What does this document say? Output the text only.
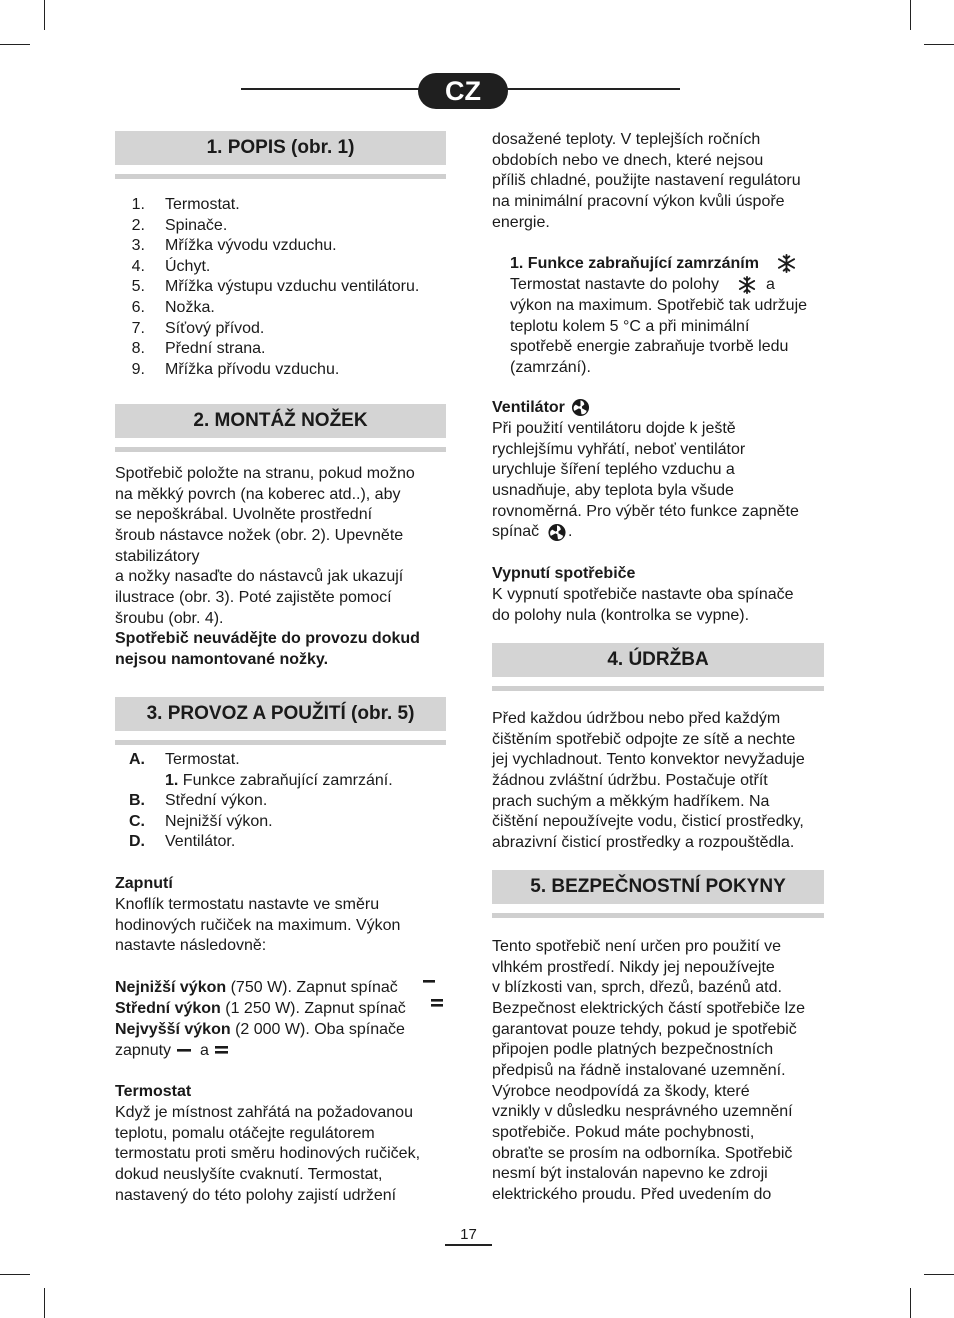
CZ
1. POPIS (obr. 1)
1. Termostat.
2. Spinače.
3. Mřížka vývodu vzduchu.
4. Úchyt.
5. Mřížka výstupu vzduchu ventilátoru.
6. Nožka.
7. Síťový přívod.
8. Přední strana.
9. Mřížka přívodu vzduchu.
2. MONTÁŽ NOŽEK
Spotřebič položte na stranu, pokud možno
na měkký povrch (na koberec atd..), aby
se nepoškrábal. Uvolněte prostřední
šroub nástavce nožek (obr. 2). Upevněte
stabilizátory
a nožky nasaďte do nástavců jak ukazují
ilustrace (obr. 3). Poté zajistěte pomocí
šroubu (obr. 4).
Spotřebič neuvádějte do provozu dokud
nejsou namontované nožky.
3. PROVOZ A POUŽITÍ (obr. 5)
A. Termostat.
1. Funkce zabraňující zamrzání.
B. Střední výkon.
C. Nejnižší výkon.
D. Ventilátor.
Zapnutí
Knoflík termostatu nastavte ve směru
hodinových ručiček na maximum. Výkon
nastavte následovně:
Nejnižší výkon (750 W). Zapnut spínač
Střední výkon (1 250 W). Zapnut spínač
Nejvyšší výkon (2 000 W). Oba spínače
zapnuty a
Termostat
Když je místnost zahřátá na požadovanou
teplotu, pomalu otáčejte regulátorem
termostatu proti směru hodinových ručiček,
dokud neuslyšíte cvaknutí. Termostat,
nastavený do této polohy zajistí udržení
dosažené teploty. V teplejších ročních
obdobích nebo ve dnech, které nejsou
příliš chladné, použijte nastavení regulátoru
na minimální pracovní výkon kvůli úspoře
energie.
1. Funkce zabraňující zamrzáním
Termostat nastavte do polohy	a
výkon na maximum. Spotřebič tak udržuje
teplotu kolem 5 °C a při minimální
spotřebě energie zabraňuje tvorbě ledu
(zamrzání).
Ventilátor
Při použití ventilátoru dojde k ještě
rychlejšímu vyhřátí, neboť ventilátor
urychluje šíření teplého vzduchu a
usnadňuje, aby teplota byla všude
rovnoměrná. Pro výběr této funkce zapněte
spínač .
Vypnutí spotřebiče
K vypnutí spotřebiče nastavte oba spínače
do polohy nula (kontrolka se vypne).
4. ÚDRŽBA
Před každou údržbou nebo před každým
čištěním spotřebič odpojte ze sítě a nechte
jej vychladnout. Tento konvektor nevyžaduje
žádnou zvláštní údržbu. Postačuje otřít
prach suchým a měkkým hadříkem. Na
čištění nepoužívejte vodu, čisticí prostředky,
abrazivní čisticí prostředky a rozpouštědla.
5. BEZPEČNOSTNÍ POKYNY
Tento spotřebič není určen pro použití ve
vlhkém prostředí. Nikdy jej nepoužívejte
v blízkosti van, sprch, dřezů, bazénů atd.
Bezpečnost elektrických částí spotřebiče lze
garantovat pouze tehdy, pokud je spotřebič
připojen podle platných bezpečnostních
předpisů na řádně instalované uzemnění.
Výrobce neodpovídá za škody, které
vznikly v důsledku nesprávného uzemnění
spotřebiče. Pokud máte pochybnosti,
obraťte se prosím na odborníka. Spotřebič
nesmí být instalován napevno ke zdroji
elektrického proudu. Před uvedením do
17
